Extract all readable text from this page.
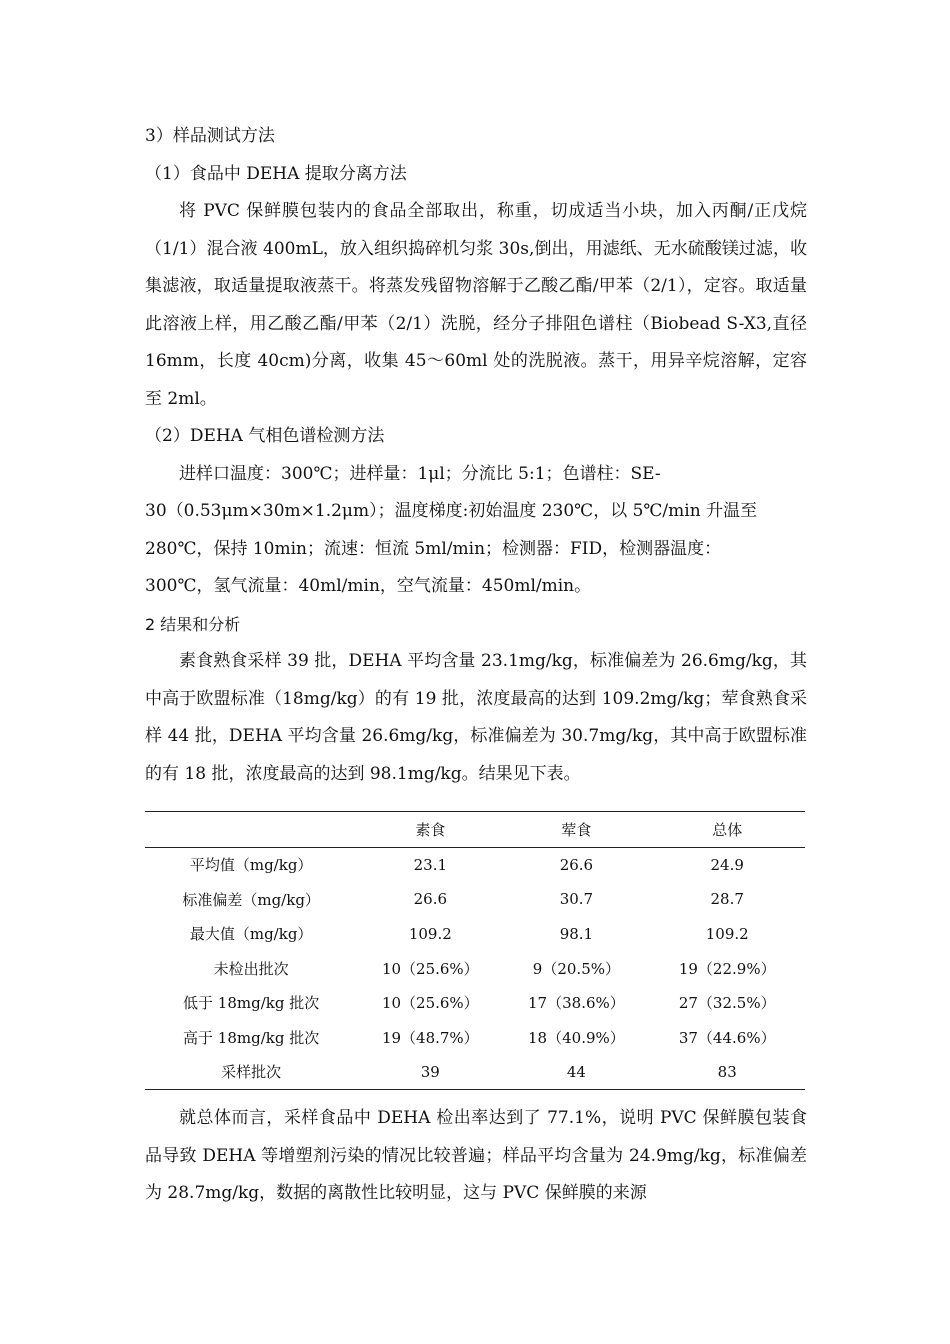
3）样品测试方法

（1）食品中 DEHA 提取分离方法

将 PVC 保鲜膜包装内的食品全部取出，称重，切成适当小块，加入丙酮/正戊烷（1/1）混合液 400mL，放入组织捣碎机匀浆 30s,倒出，用滤纸、无水硫酸镁过滤，收集滤液，取适量提取液蒸干。将蒸发残留物溶解于乙酸乙酯/甲苯（2/1），定容。取适量此溶液上样，用乙酸乙酯/甲苯（2/1）洗脱，经分子排阻色谱柱（Biobead S-X3,直径 16mm，长度 40cm)分离，收集 45～60ml 处的洗脱液。蒸干，用异辛烷溶解，定容至 2ml。

（2）DEHA 气相色谱检测方法

进样口温度：300℃；进样量：1μl；分流比 5:1；色谱柱：SE-

30（0.53μm×30m×1.2μm）；温度梯度:初始温度 230℃，以 5℃/min 升温至

280℃，保持 10min；流速：恒流 5ml/min；检测器：FID，检测器温度：

300℃，氢气流量：40ml/min，空气流量：450ml/min。

2 结果和分析

素食熟食采样 39 批，DEHA 平均含量 23.1mg/kg，标准偏差为 26.6mg/kg，其中高于欧盟标准（18mg/kg）的有 19 批，浓度最高的达到 109.2mg/kg；荤食熟食采样 44 批，DEHA 平均含量 26.6mg/kg，标准偏差为 30.7mg/kg，其中高于欧盟标准的有 18 批，浓度最高的达到 98.1mg/kg。结果见下表。

	素食	荤食	总体
平均值（mg/kg）	23.1	26.6	24.9
标准偏差（mg/kg）	26.6	30.7	28.7
最大值（mg/kg）	109.2	98.1	109.2
未检出批次	10（25.6%）	9（20.5%）	19（22.9%）
低于 18mg/kg 批次	10（25.6%）	17（38.6%）	27（32.5%）
高于 18mg/kg 批次	19（48.7%）	18（40.9%）	37（44.6%）
采样批次	39	44	83

就总体而言，采样食品中 DEHA 检出率达到了 77.1%，说明 PVC 保鲜膜包装食品导致 DEHA 等增塑剂污染的情况比较普遍；样品平均含量为 24.9mg/kg，标准偏差为 28.7mg/kg，数据的离散性比较明显，这与 PVC 保鲜膜的来源
